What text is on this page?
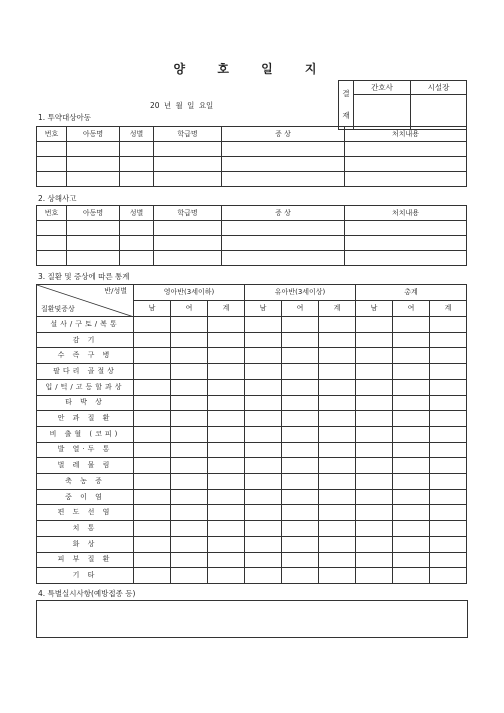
양 호 일 지
결
재	간호사	시설장

20 년 월 일 요일
1. 투약대상아동
번호	아동명	성별	학급명	증 상	처치내용

2. 상해사고
번호	아동명	성별	학급명	증 상	처치내용

3. 질환 및 증상에 따른 통계
반/성별
질환및증상	영아반(3세이하)			유아반(3세이상)			총계		
	남	여	계	남	여	계	남	여	계
설사/구토/복통									
감 기									
수 족 구 병									
팔다리 골절상									
입/턱/고등할과상									
타 박 상									
안 과 질 환									
비 출혈 (코피)									
발 열·두 통									
벌 레 물 림									
축 농 증									
중 이 염									
편 도 선 염									
치 통									
화 상									
피 부 질 환									
기 타									
4. 특별실시사항(예방접종 등)
